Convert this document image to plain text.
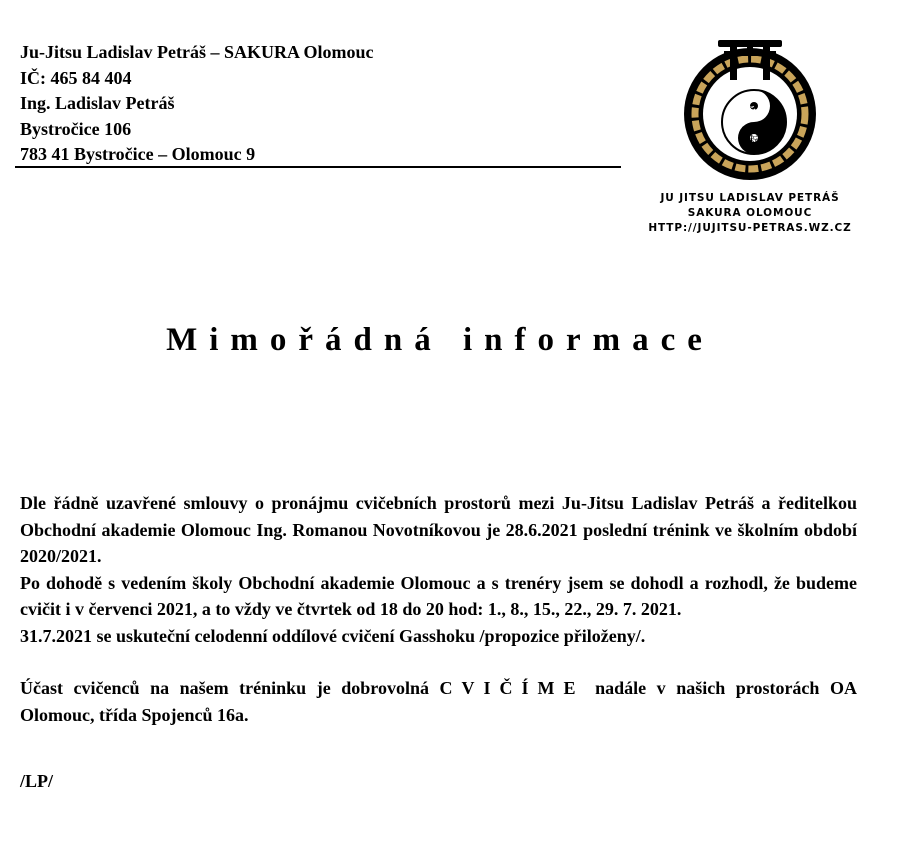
Ju-Jitsu Ladislav Petráš – SAKURA Olomouc
IČ: 465 84 404
Ing. Ladislav Petráš
Bystročice 106
783 41 Bystročice – Olomouc 9
柔
術
JU JITSU LADISLAV PETRÁŠ
SAKURA OLOMOUC
HTTP://JUJITSU-PETRAS.WZ.CZ
Mimořádná informace

Dle řádně uzavřené smlouvy o pronájmu cvičebních prostorů mezi Ju-Jitsu Ladislav Petráš a ředitelkou Obchodní akademie Olomouc Ing. Romanou Novotníkovou je 28.6.2021 poslední trénink ve školním období 2020/2021.

Po dohodě s vedením školy Obchodní akademie Olomouc a s trenéry jsem se dohodl a rozhodl, že budeme cvičit i v červenci 2021, a to vždy ve čtvrtek od 18 do 20 hod: 1., 8., 15., 22., 29. 7. 2021.

31.7.2021 se uskuteční celodenní oddílové cvičení Gasshoku /propozice přiloženy/.

Účast cvičenců na našem tréninku je dobrovolná CVIČÍME nadále v našich prostorách OA Olomouc, třída Spojenců 16a.

/LP/
